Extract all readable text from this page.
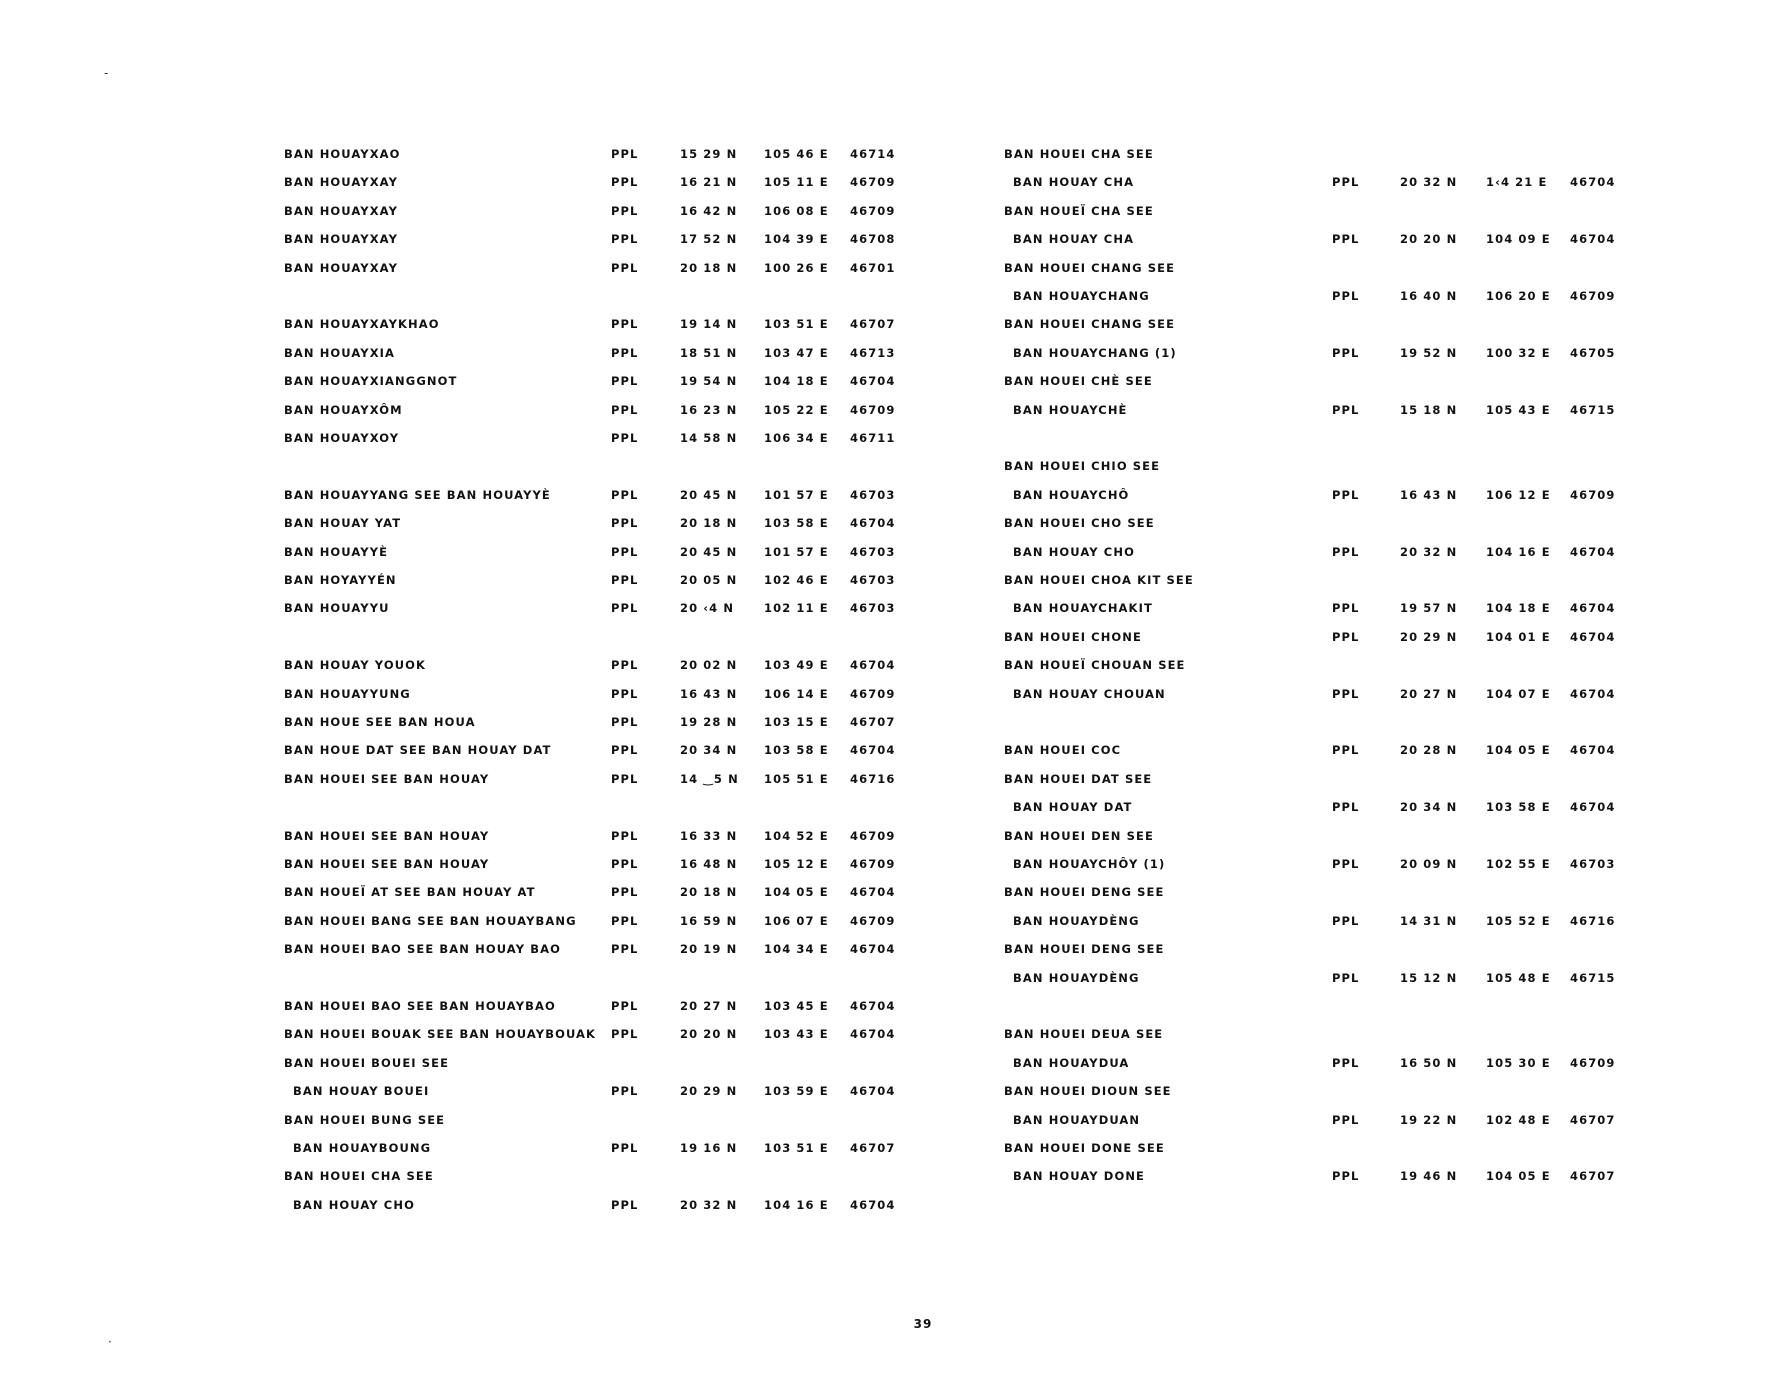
BAN HOUAYXAO	PPL	15 29 N 105 46 E 46714
BAN HOUAYXAY	PPL	16 21 N 105 11 E 46709
BAN HOUAYXAY	PPL	16 42 N 106 08 E 46709
BAN HOUAYXAY	PPL	17 52 N 104 39 E 46708
BAN HOUAYXAY	PPL	20 18 N 100 26 E 46701
BAN HOUAYXAYKHAO	PPL	19 14 N 103 51 E 46707
BAN HOUAYXIA	PPL	18 51 N 103 47 E 46713
BAN HOUAYXIANGGNOT	PPL	19 54 N 104 18 E 46704
BAN HOUAYXÔM	PPL	16 23 N 105 22 E 46709
BAN HOUAYXOY	PPL	14 58 N 106 34 E 46711
BAN HOUAYYANG SEE BAN HOUAYYÈ	PPL	20 45 N 101 57 E 46703
BAN HOUAY YAT	PPL	20 18 N 103 58 E 46704
BAN HOUAYYÈ	PPL	20 45 N 101 57 E 46703
BAN HOYAYYÉN	PPL	20 05 N 102 46 E 46703
BAN HOUAYYU	PPL	20 ‹4 N	102 11 E 46703
BAN HOUAY YOUOK	PPL	20 02 N 103 49 E 46704
BAN HOUAYYUNG	PPL	16 43 N 106 14 E 46709
BAN HOUE SEE BAN HOUA	PPL	19 28 N 103 15 E 46707
BAN HOUE DAT SEE BAN HOUAY DAT	PPL	20 34 N 103 58 E 46704
BAN HOUEI SEE BAN HOUAY	PPL	14 ‿5 N 105 51 E 46716
BAN HOUEI SEE BAN HOUAY	PPL	16 33 N 104 52 E 46709
BAN HOUEI SEE BAN HOUAY	PPL	16 48 N 105 12 E 46709
BAN HOUEÏ AT SEE BAN HOUAY AT	PPL	20 18 N 104 05 E 46704
BAN HOUEI BANG SEE BAN HOUAYBANG	PPL	16 59 N 106 07 E 46709
BAN HOUEI BAO SEE BAN HOUAY BAO	PPL	20 19 N 104 34 E 46704
BAN HOUEI BAO SEE BAN HOUAYBAO	PPL	20 27 N 103 45 E 46704
BAN HOUEI BOUAK SEE BAN HOUAYBOUAK PPL	20 20 N 103 43 E 46704
BAN HOUEI BOUEI SEE
BAN HOUAY BOUEI	PPL	20 29 N 103 59 E 46704
BAN HOUEI BUNG SEE
BAN HOUAYBOUNG	PPL	19 16 N 103 51 E 46707
BAN HOUEI CHA SEE
BAN HOUAY CHO	PPL	20 32 N 104 16 E 46704
BAN HOUEI CHA SEE
BAN HOUAY CHA	PPL	20 32 N 1‹4 21 E 46704
BAN HOUEÏ CHA SEE
BAN HOUAY CHA	PPL	20 20 N 104 09 E 46704
BAN HOUEI CHANG SEE
BAN HOUAYCHANG	PPL	16 40 N 106 20 E 46709
BAN HOUEI CHANG SEE
BAN HOUAYCHANG (1)	PPL	19 52 N 100 32 E 46705
BAN HOUEI CHÈ SEE
BAN HOUAYCHÈ	PPL	15 18 N 105 43 E 46715
BAN HOUEI CHIO SEE
BAN HOUAYCHÔ	PPL	16 43 N 106 12 E 46709
BAN HOUEI CHO SEE
BAN HOUAY CHO	PPL	20 32 N 104 16 E 46704
BAN HOUEI CHOA KIT SEE
BAN HOUAYCHAKIT	PPL	19 57 N 104 18 E 46704
BAN HOUEI CHONE	PPL	20 29 N 104 01 E 46704
BAN HOUEÏ CHOUAN SEE
BAN HOUAY CHOUAN	PPL	20 27 N 104 07 E 46704
BAN HOUEI COC	PPL	20 28 N 104 05 E 46704
BAN HOUEI DAT SEE
BAN HOUAY DAT	PPL	20 34 N 103 58 E 46704
BAN HOUEI DEN SEE
BAN HOUAYCHÔY (1)	PPL	20 09 N 102 55 E 46703
BAN HOUEI DENG SEE
BAN HOUAYDÈNG	PPL	14 31 N 105 52 E 46716
BAN HOUEI DENG SEE
BAN HOUAYDÈNG	PPL	15 12 N 105 48 E 46715
BAN HOUEI DEUA SEE
BAN HOUAYDUA	PPL	16 50 N 105 30 E 46709
BAN HOUEI DIOUN SEE
BAN HOUAYDUAN	PPL	19 22 N 102 48 E 46707
BAN HOUEI DONE SEE
BAN HOUAY DONE	PPL	19 46 N 104 05 E 46707
‐
·
39
